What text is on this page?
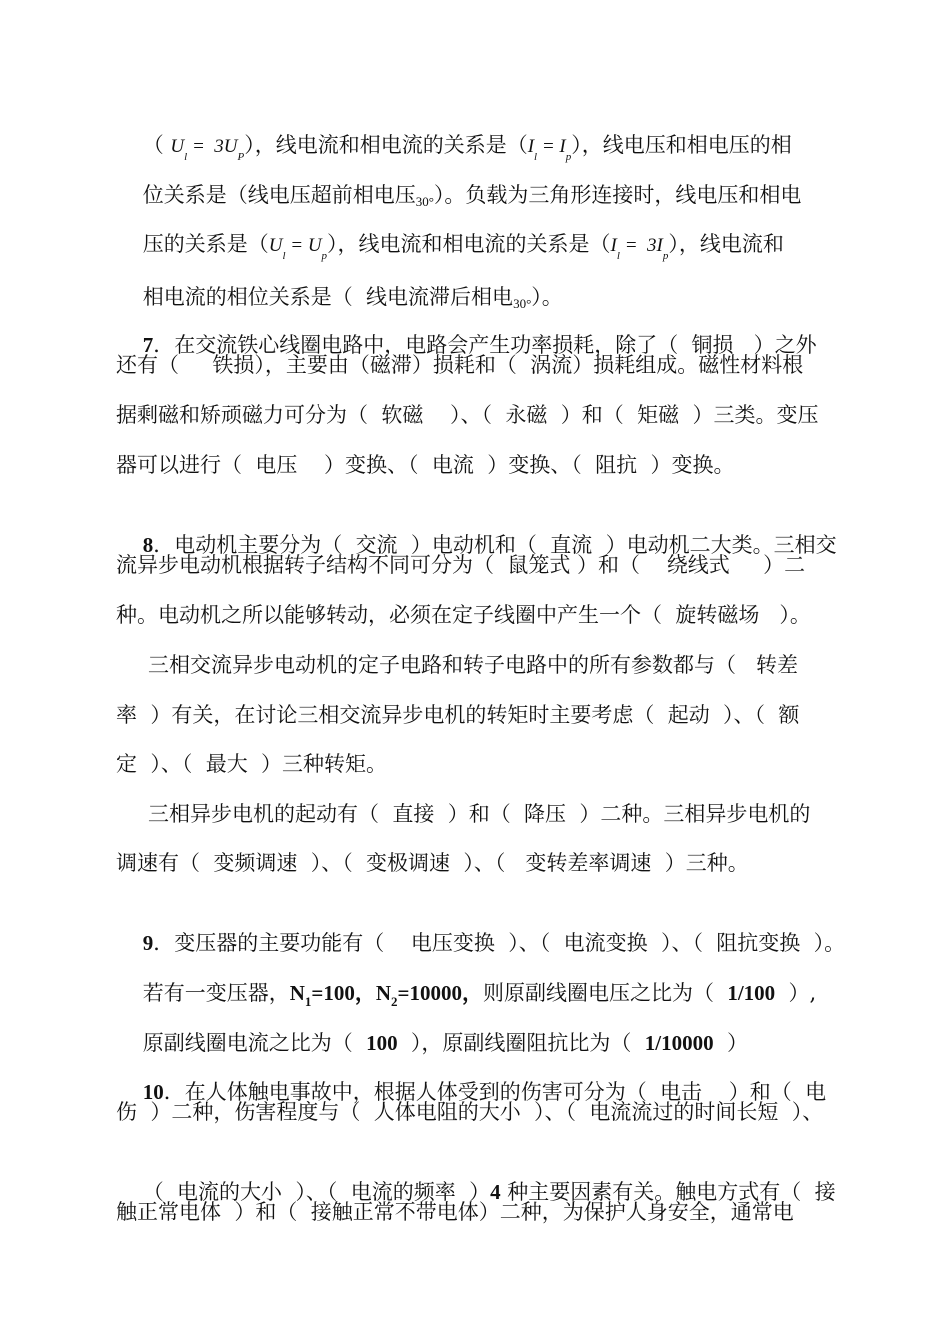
（ $U_l = 3U_P$），线电流和相电流的关系是$(I_l = I_p)$，线电压和相电压的相

位关系是（线电压超前相电压30°）。负载为三角形连接时，线电压和相电

压的关系是$(U_l = U_p)$，线电流和相电流的关系是$(I_l = 3I_p)$，线电流和

相电流的相位关系是（  线电流滞后相电30°）。

7．在交流铁心线圈电路中，电路会产生功率损耗，除了（  铜损   ）之外

还有（     铁损），主要由（磁滞）损耗和（  涡流）损耗组成。磁性材料根
据剩磁和矫顽磁力可分为（  软磁    ）、（  永磁  ）和（  矩磁  ）三类。变压
器可以进行（  电压    ）变换、（  电流  ）变换、（  阻抗  ）变换。

8．电动机主要分为（  交流  ）电动机和（  直流  ）电动机二大类。三相交

流异步电动机根据转子结构不同可分为（  鼠笼式 ）和（    绕线式     ）二
种。电动机之所以能够转动，必须在定子线圈中产生一个（  旋转磁场   ）。
三相交流异步电动机的定子电路和转子电路中的所有参数都与（   转差
率  ）有关，在讨论三相交流异步电机的转矩时主要考虑（  起动  ）、（  额
定  ）、（  最大  ）三种转矩。
三相异步电机的起动有（  直接  ）和（  降压  ）二种。三相异步电机的
调速有（  变频调速  ）、（  变极调速  ）、（   变转差率调速  ）三种。

9．变压器的主要功能有（    电压变换  ）、（  电流变换  ）、（  阻抗变换  ）。

若有一变压器，$N_1=100$，$N_2=10000$，则原副线圈电压之比为（  1/100  ）,

原副线圈电流之比为（  100  ），原副线圈阻抗比为（  1/10000  ）

10．在人体触电事故中，根据人体受到的伤害可分为（  电击    ）和（  电

伤  ）二种，伤害程度与（  人体电阻的大小  ）、（  电流流过的时间长短  ）、

（  电流的大小  ）、（  电流的频率  ）4 种主要因素有关。触电方式有（  接

触正常电体  ）和（  接触正常不带电体）二种，为保护人身安全，通常电
